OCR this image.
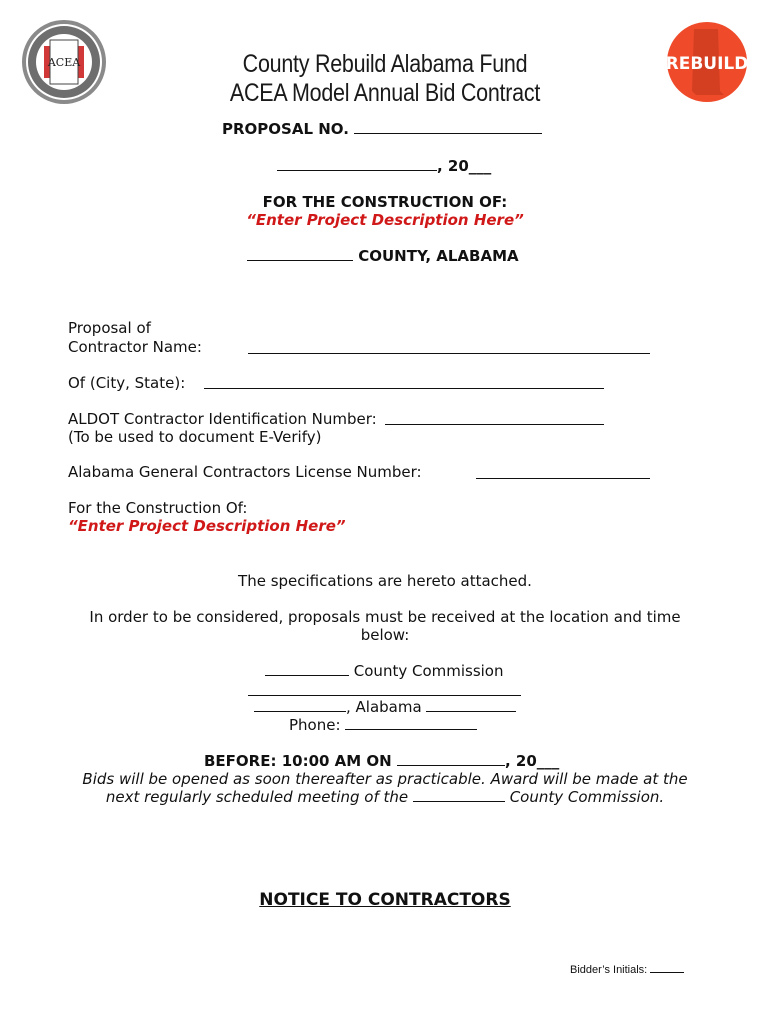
ACEA	County Rebuild Alabama Fund
ACEA Model Annual Bid Contract
REBUILD
PROPOSAL NO.
, 20___
FOR THE CONSTRUCTION OF:
“Enter Project Description Here”
COUNTY, ALABAMA
Proposal of
Contractor Name:
Of (City, State):
ALDOT Contractor Identification Number:
(To be used to document E-Verify)
Alabama General Contractors License Number:
For the Construction Of:
“Enter Project Description Here”
The specifications are hereto attached.
In order to be considered, proposals must be received at the location and time
below:
County Commission
, Alabama
Phone:
BEFORE: 10:00 AM ON	, 20___
Bids will be opened as soon thereafter as practicable. Award will be made at the
next regularly scheduled meeting of the	County Commission.
NOTICE TO CONTRACTORS
Bidder’s Initials:
